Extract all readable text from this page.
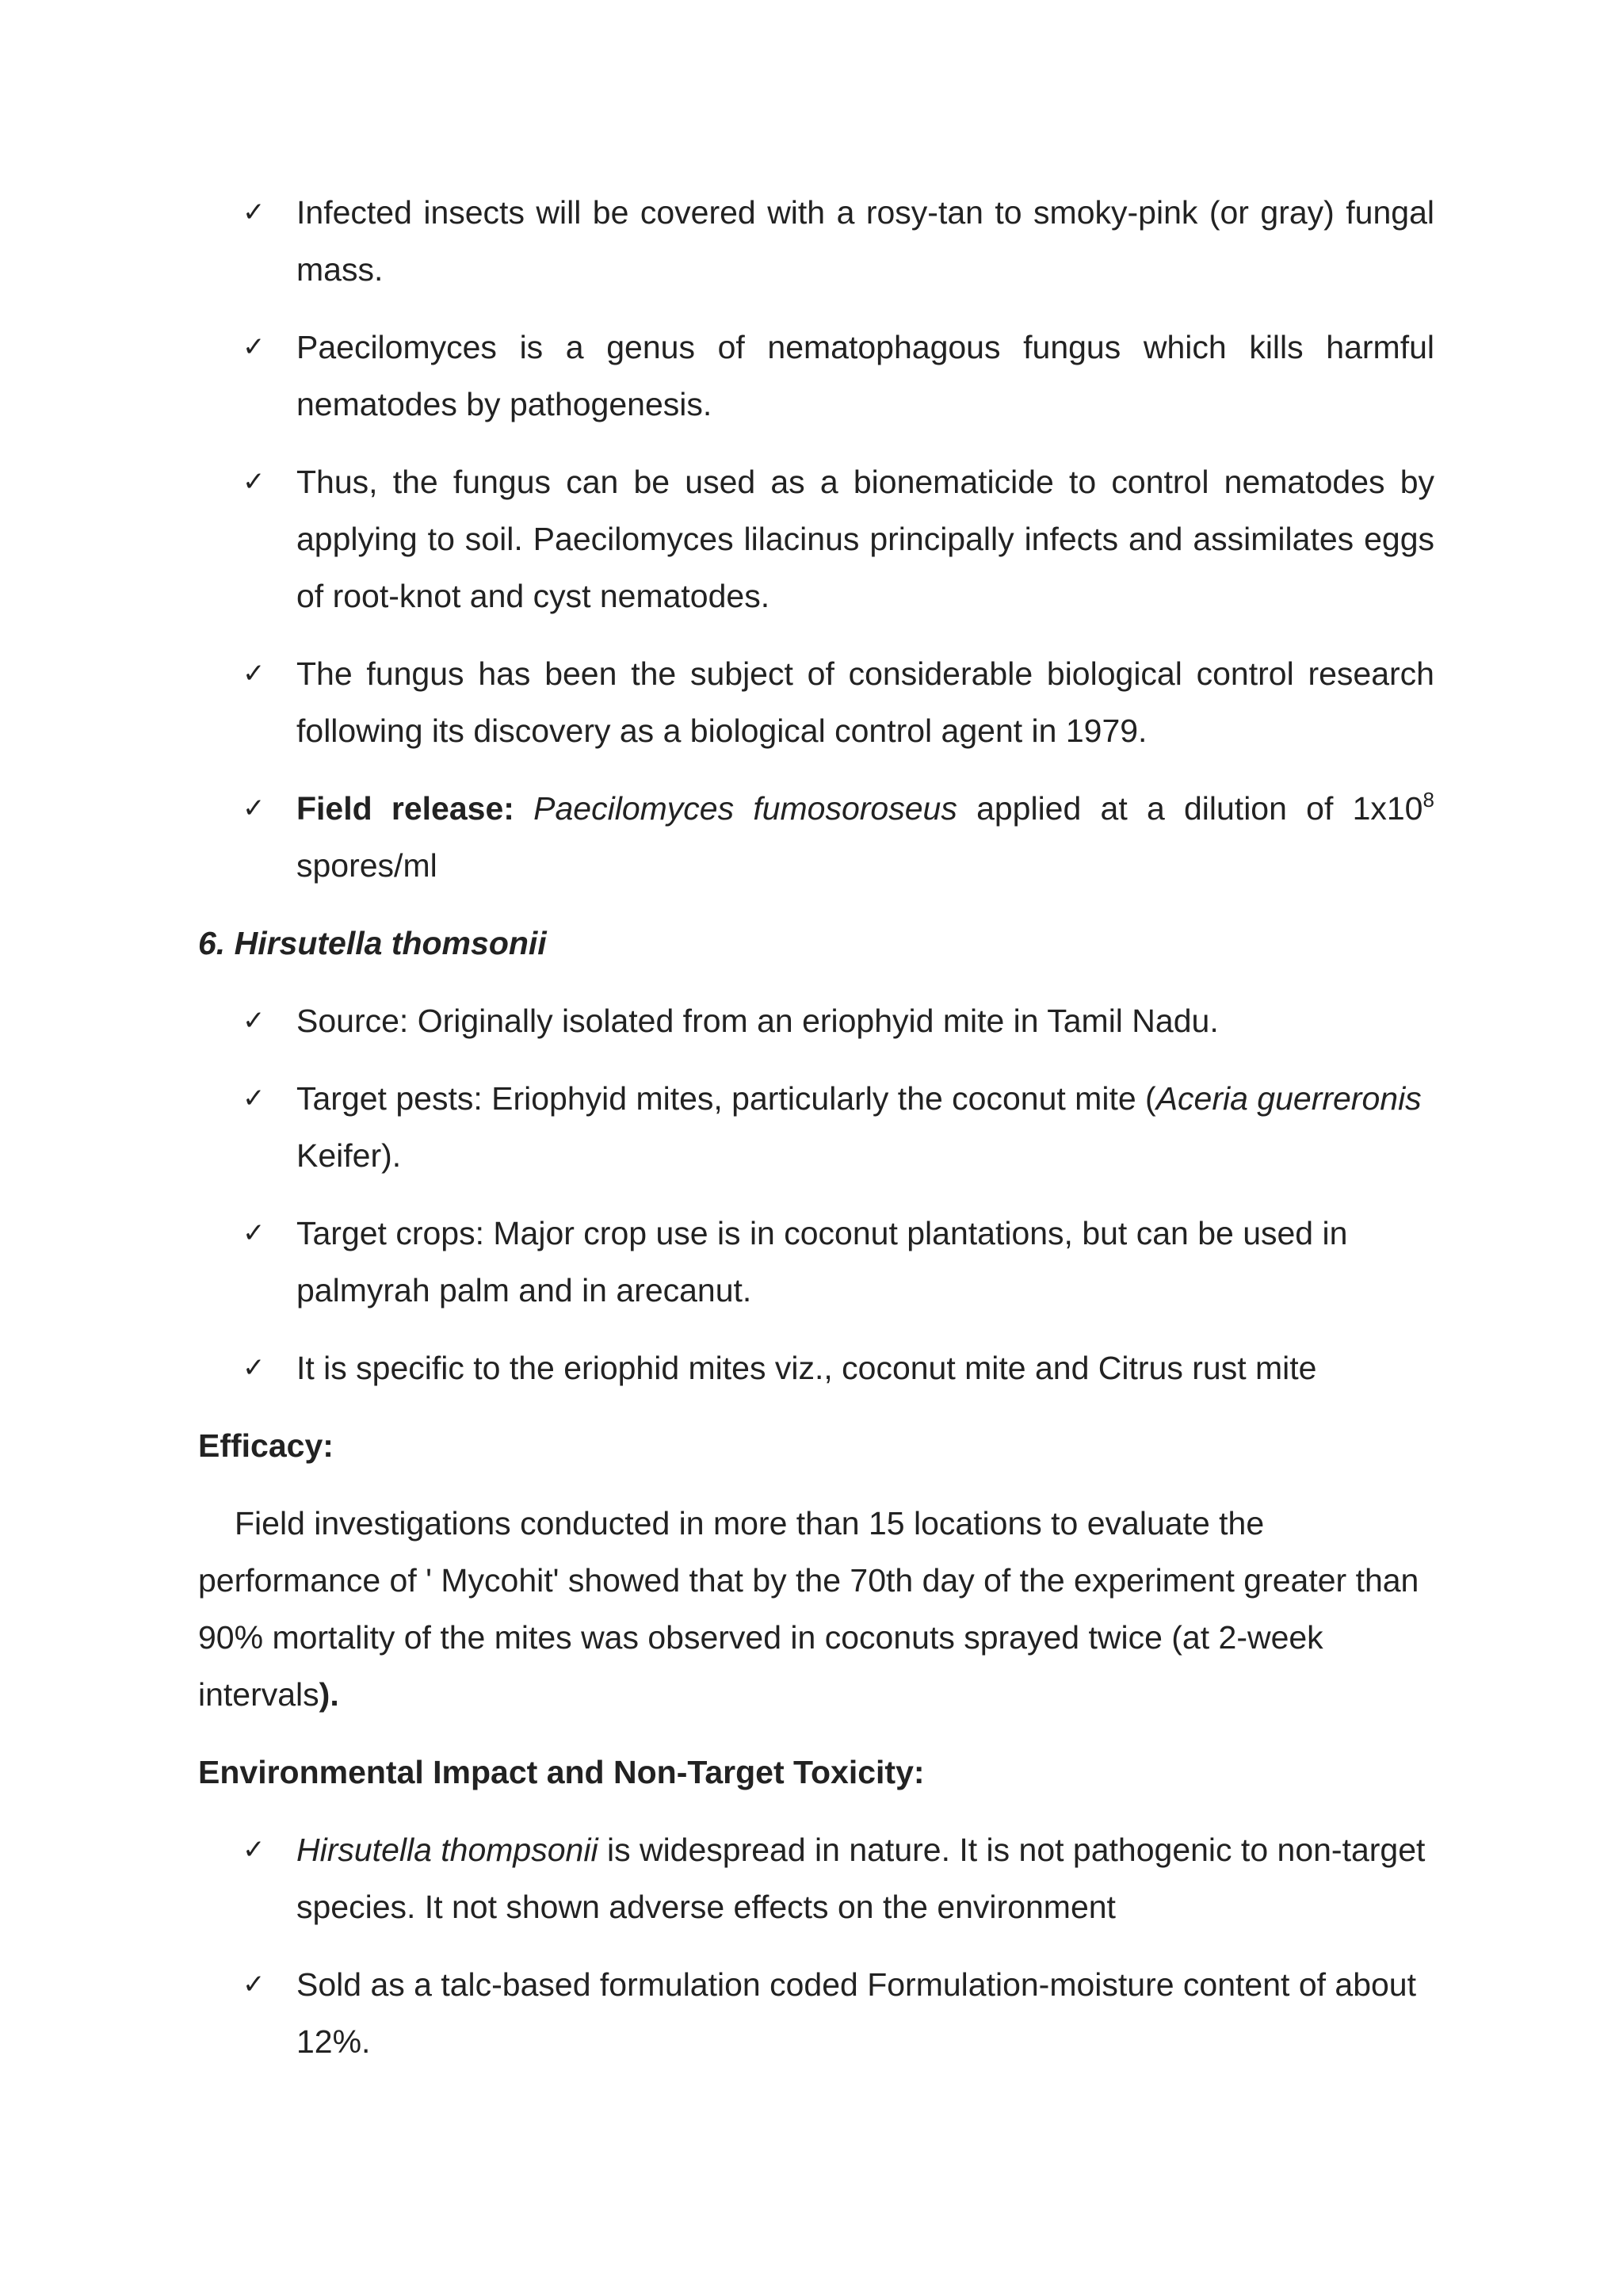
✓ Infected insects will be covered with a rosy-tan to smoky-pink (or gray) fungal mass.
✓ Paecilomyces is a genus of nematophagous fungus which kills harmful nematodes by pathogenesis.
✓ Thus, the fungus can be used as a bionematicide to control nematodes by applying to soil. Paecilomyces lilacinus principally infects and assimilates eggs of root-knot and cyst nematodes.
✓ The fungus has been the subject of considerable biological control research following its discovery as a biological control agent in 1979.
✓ Field release: Paecilomyces fumosoroseus applied at a dilution of $1x10^8$ spores/ml
6. Hirsutella thomsonii
✓ Source: Originally isolated from an eriophyid mite in Tamil Nadu.
✓ Target pests: Eriophyid mites, particularly the coconut mite (Aceria guerreronis Keifer).
✓ Target crops: Major crop use is in coconut plantations, but can be used in palmyrah palm and in arecanut.
✓ It is specific to the eriophid mites viz., coconut mite and Citrus rust mite
Efficacy:

Field investigations conducted in more than 15 locations to evaluate the performance of ' Mycohit' showed that by the 70th day of the experiment greater than 90% mortality of the mites was observed in coconuts sprayed twice (at 2-week intervals).

Environmental Impact and Non-Target Toxicity:
✓ Hirsutella thompsonii is widespread in nature. It is not pathogenic to non-target species. It not shown adverse effects on the environment
✓ Sold as a talc-based formulation coded Formulation-moisture content of about 12%.
